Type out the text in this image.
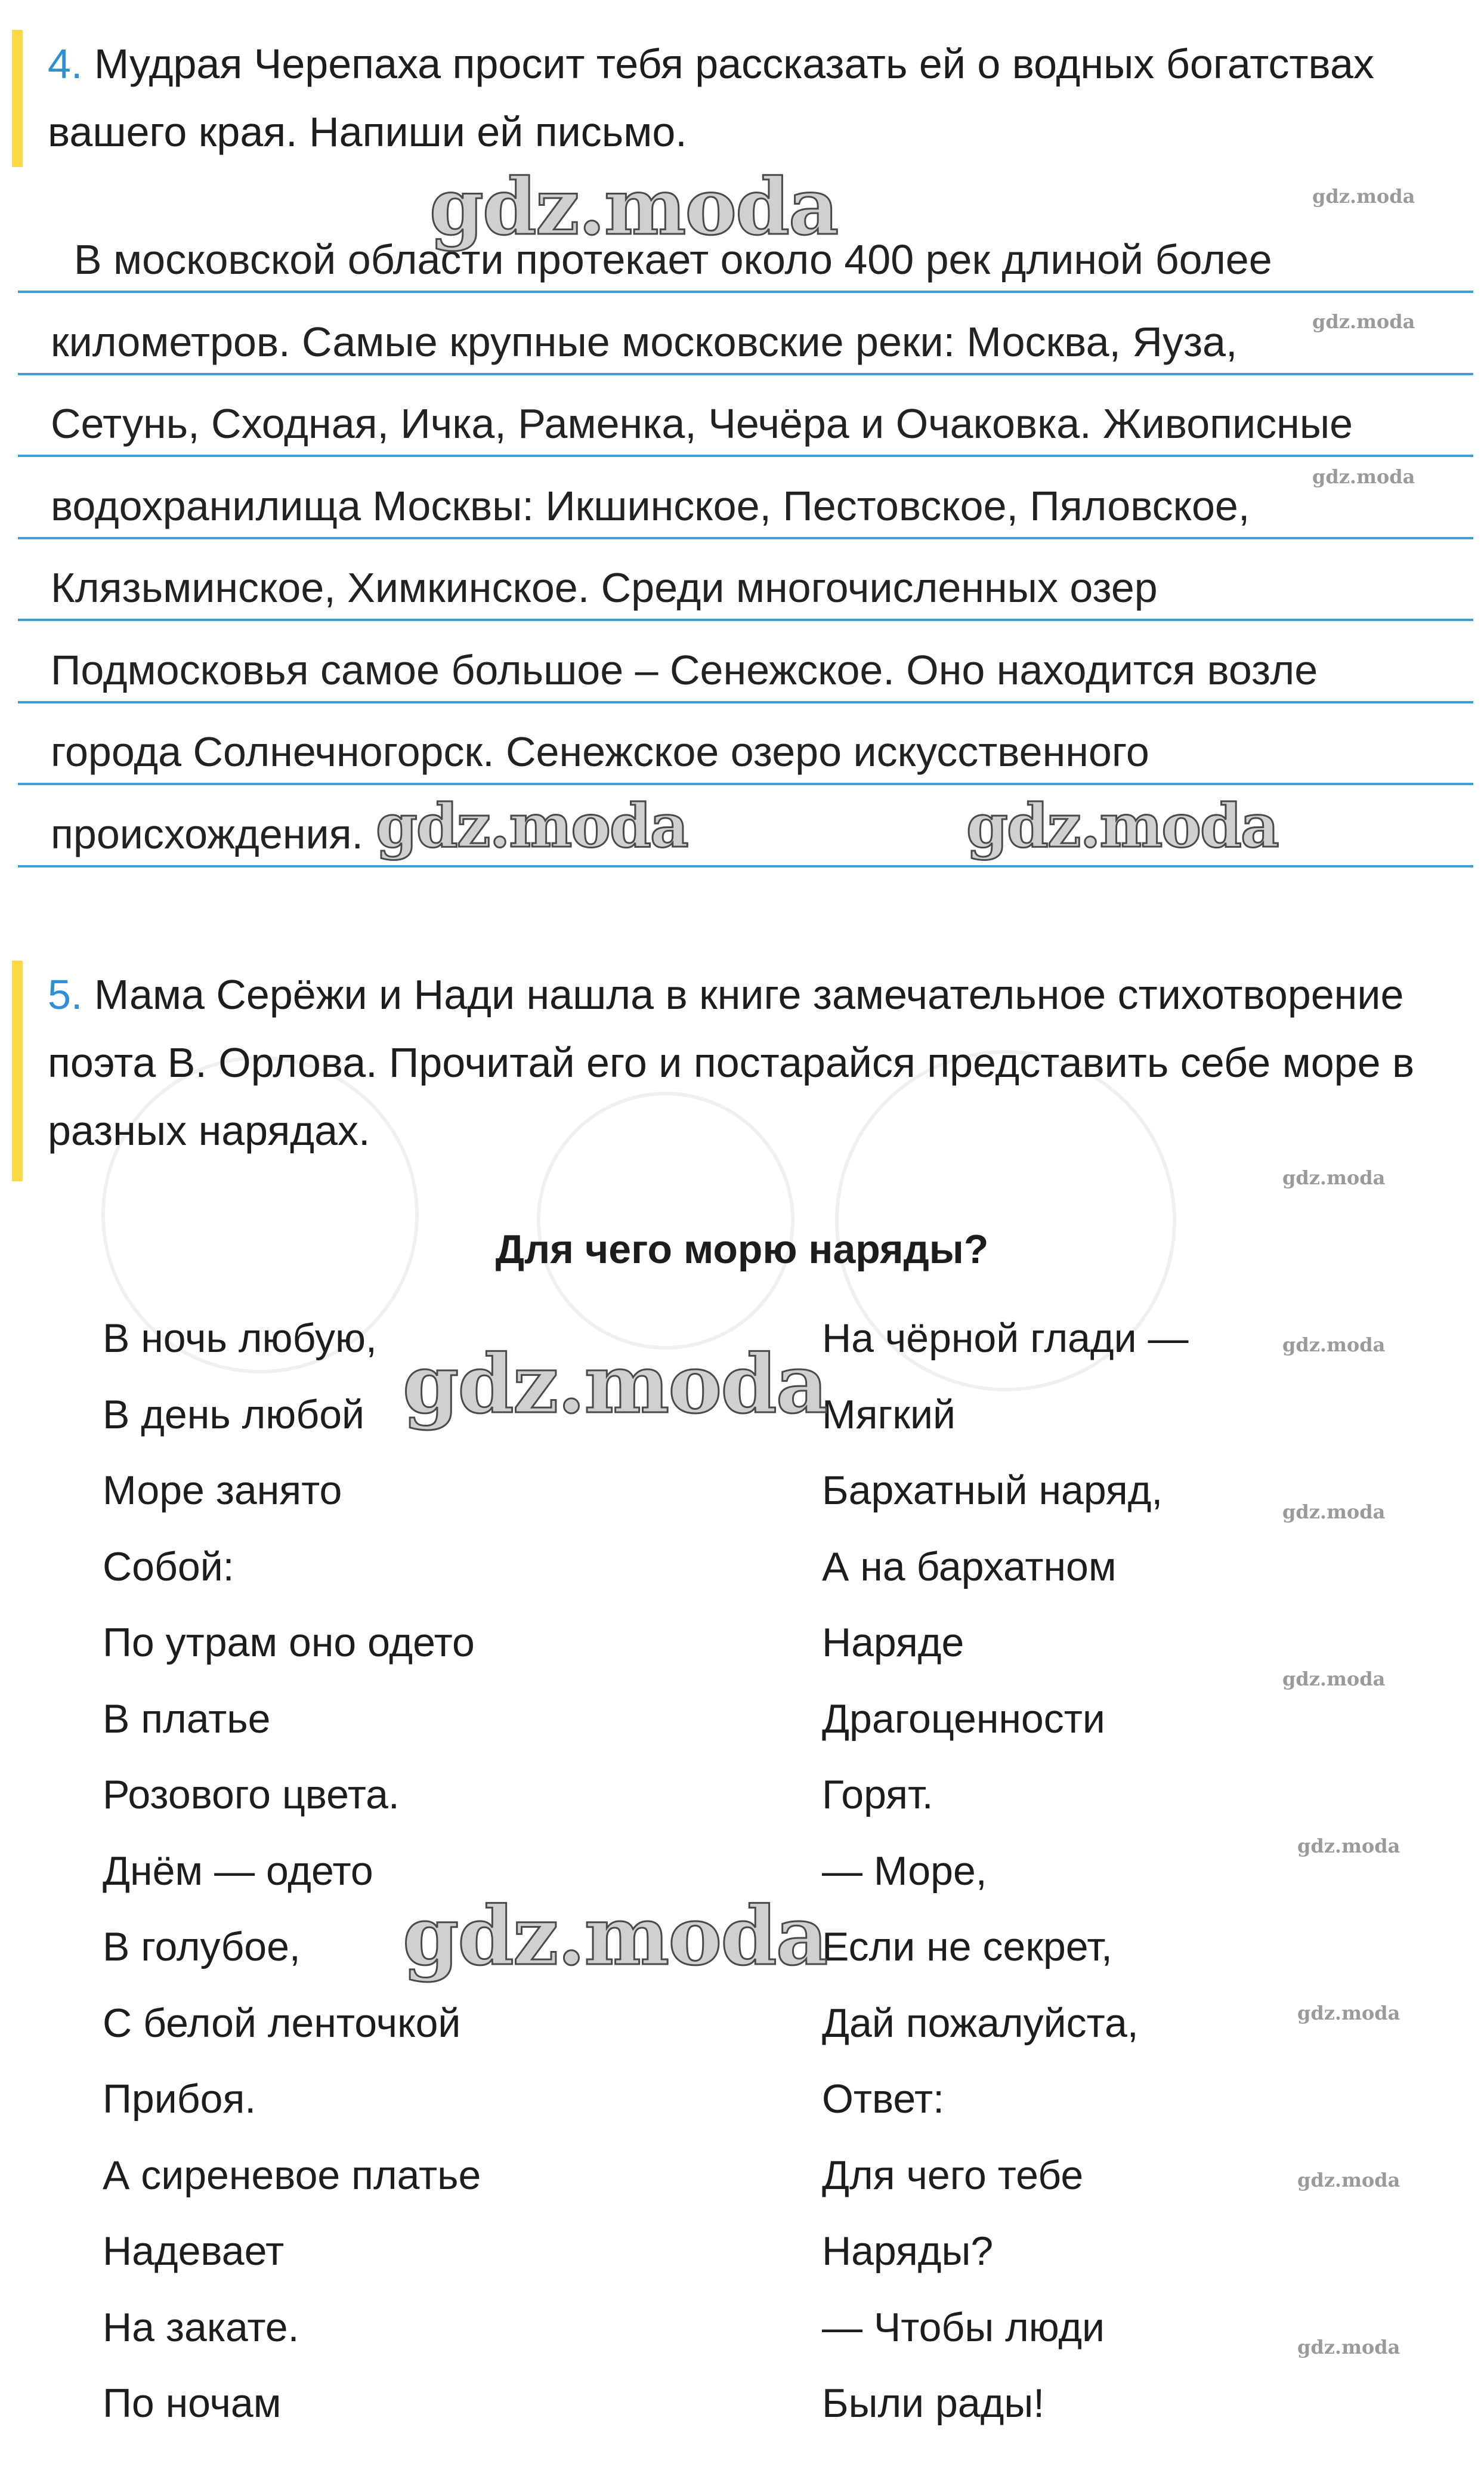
4. Мудрая Черепаха просит тебя рассказать ей о водных богатствах вашего края. Напиши ей письмо.
В московской области протекает около 400 рек длиной более
километров. Самые крупные московские реки: Москва, Яуза,
Сетунь, Сходная, Ичка, Раменка, Чечёра и Очаковка. Живописные
водохранилища Москвы: Икшинское, Пестовское, Пяловское,
Клязьминское, Химкинское. Среди многочисленных озер
Подмосковья самое большое – Сенежское. Оно находится возле
города Солнечногорск. Сенежское озеро искусственного
происхождения.
5. Мама Серёжи и Нади нашла в книге замечательное стихотворение поэта В. Орлова. Прочитай его и постарайся представить себе море в разных нарядах.
Для чего морю наряды?
В ночь любую,
В день любой
Море занято
Собой:
По утрам оно одето
В платье
Розового цвета.
Днём — одето
В голубое,
С белой ленточкой
Прибоя.
А сиреневое платье
Надевает
На закате.
По ночам
На чёрной глади —
Мягкий
Бархатный наряд,
А на бархатном
Наряде
Драгоценности
Горят.
— Море,
Если не секрет,
Дай пожалуйста,
Ответ:
Для чего тебе
Наряды?
— Чтобы люди
Были рады!
gdz.moda
gdz.moda	gdz.moda
gdz.moda
gdz.moda
gdz.moda
gdz.moda
gdz.moda
gdz.moda
gdz.moda
gdz.moda
gdz.moda
gdz.moda
gdz.moda
gdz.moda
gdz.moda
